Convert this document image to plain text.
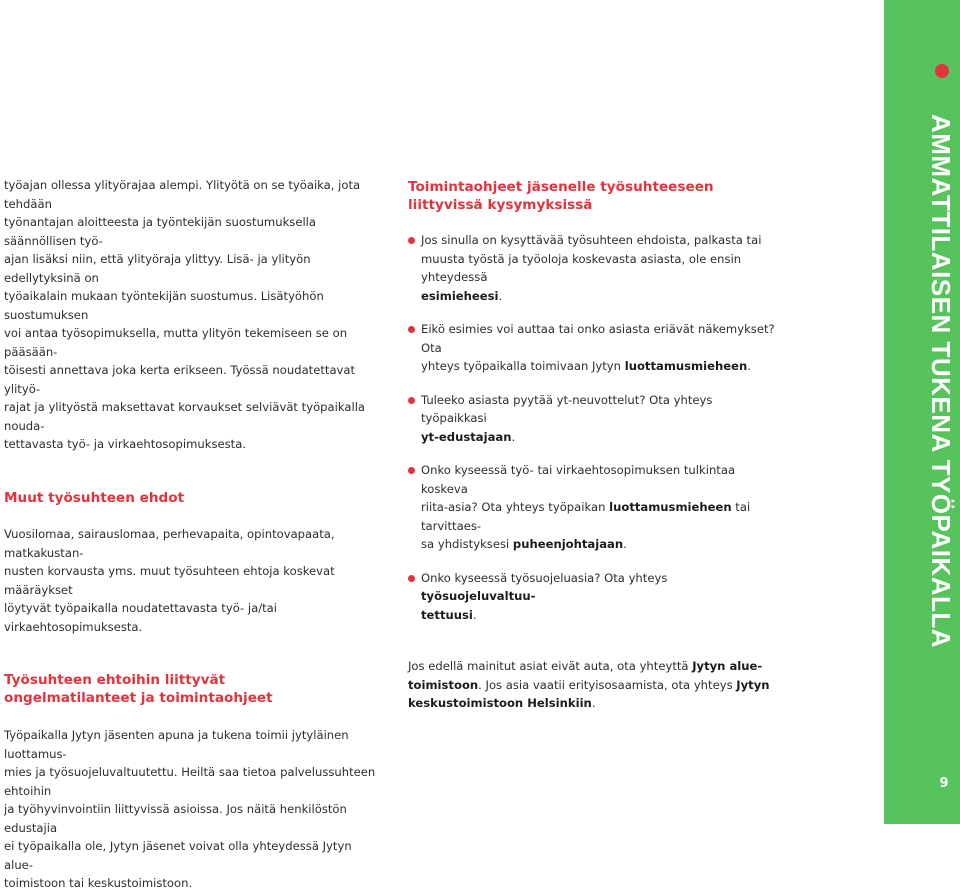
työajan ollessa ylityörajaa alempi. Ylityötä on se työaika, jota tehdään
työnantajan aloitteesta ja työntekijän suostumuksella säännöllisen työ-
ajan lisäksi niin, että ylityöraja ylittyy. Lisä- ja ylityön edellytyksinä on
työaikalain mukaan työntekijän suostumus. Lisätyöhön suostumuksen
voi antaa työsopimuksella, mutta ylityön tekemiseen se on pääsään-
töisesti annettava joka kerta erikseen. Työssä noudatettavat ylityö-
rajat ja ylityöstä maksettavat korvaukset selviävät työpaikalla nouda-
tettavasta työ- ja virkaehtosopimuksesta.

Muut työsuhteen ehdot

Vuosilomaa, sairauslomaa, perhevapaita, opintovapaata, matkakustan-
nusten korvausta yms. muut työsuhteen ehtoja koskevat määräykset
löytyvät työpaikalla noudatettavasta työ- ja/tai virkaehtosopimuksesta.

Työsuhteen ehtoihin liittyvät
ongelmatilanteet ja toimintaohjeet

Työpaikalla Jytyn jäsenten apuna ja tukena toimii jytyläinen luottamus-
mies ja työsuojeluvaltuutettu. Heiltä saa tietoa palvelussuhteen ehtoihin
ja työhyvinvointiin liittyvissä asioissa. Jos näitä henkilöstön edustajia
ei työpaikalla ole, Jytyn jäsenet voivat olla yhteydessä Jytyn alue-
toimistoon tai keskustoimistoon.

Toimintaohjeet jäsenelle työsuhteeseen
liittyvissä kysymyksissä
Jos sinulla on kysyttävää työsuhteen ehdoista, palkasta tai
muusta työstä ja työoloja koskevasta asiasta, ole ensin yhteydessä
esimieheesi.
Eikö esimies voi auttaa tai onko asiasta eriävät näkemykset? Ota
yhteys työpaikalla toimivaan Jytyn luottamusmieheen.
Tuleeko asiasta pyytää yt-neuvottelut? Ota yhteys työpaikkasi
yt-edustajaan.
Onko kyseessä työ- tai virkaehtosopimuksen tulkintaa koskeva
riita-asia? Ota yhteys työpaikan luottamusmieheen tai tarvittaes-
sa yhdistyksesi puheenjohtajaan.
Onko kyseessä työsuojeluasia? Ota yhteys työsuojeluvaltuu-
tettuusi.

Jos edellä mainitut asiat eivät auta, ota yhteyttä Jytyn alue-
toimistoon. Jos asia vaatii erityisosaamista, ota yhteys Jytyn
keskustoimistoon Helsinkiin.

AMMATTILAISEN TUKENA TYÖPAIKALLA
9
